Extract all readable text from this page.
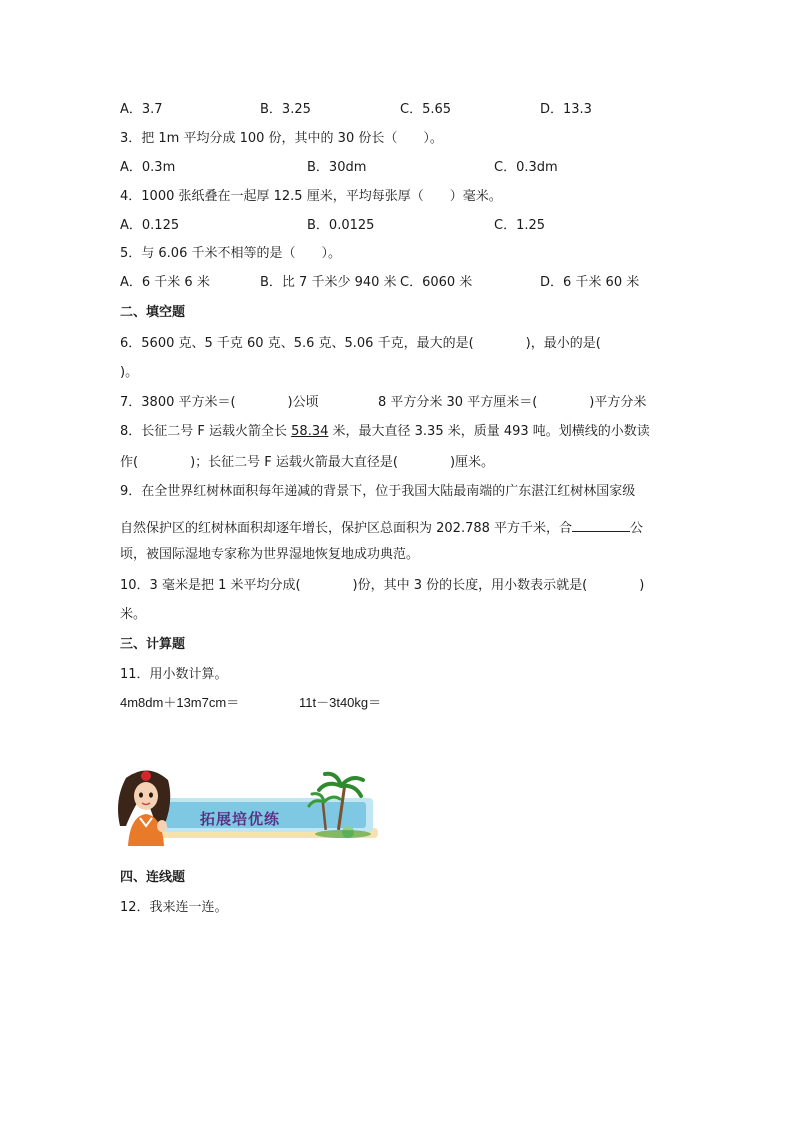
A．3.7	B．3.25	C．5.65	D．13.3
3．把 1m 平均分成 100 份，其中的 30 份长（　　）。
A．0.3m	B．30dm	C．0.3dm
4．1000 张纸叠在一起厚 12.5 厘米，平均每张厚（　　）毫米。
A．0.125	B．0.0125	C．1.25
5．与 6.06 千米不相等的是（　　）。
A．6 千米 6 米	B．比 7 千米少 940 米 C．6060 米	D．6 千米 60 米
二、填空题
6．5600 克、5 千克 60 克、5.6 克、5.06 千克，最大的是(　　　　)，最小的是(
)。
7．3800 平方米＝(　　　　)公顷	8 平方分米 30 平方厘米＝(　　　　)平方分米
8．长征二号 F 运载火箭全长 58.34 米，最大直径 3.35 米，质量 493 吨。划横线的小数读
作(　　　　)；长征二号 F 运载火箭最大直径是(　　　　)厘米。
9．在全世界红树林面积每年递减的背景下，位于我国大陆最南端的广东湛江红树林国家级
自然保护区的红树林面积却逐年增长，保护区总面积为 202.788 平方千米，合	公
顷，被国际湿地专家称为世界湿地恢复地成功典范。
10．3 毫米是把 1 米平均分成(　　　　)份，其中 3 份的长度，用小数表示就是(　　　　)
米。
三、计算题
11．用小数计算。
4m8dm＋13m7cm＝	11t－3t40kg＝
拓展培优练
四、连线题
12．我来连一连。
